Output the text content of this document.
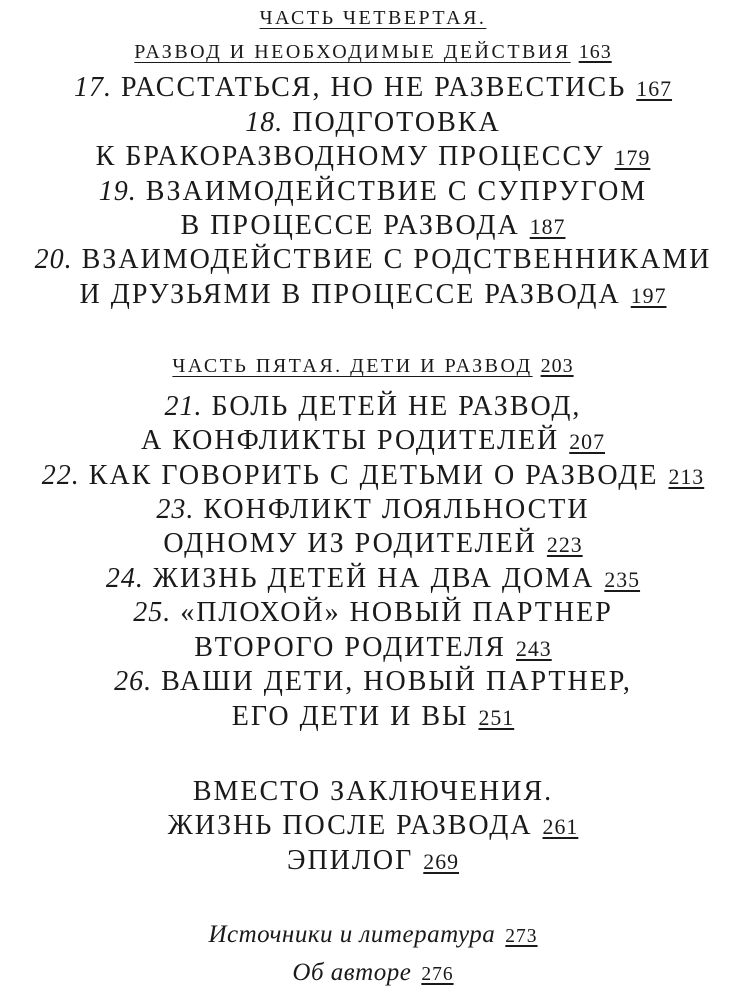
ЧАСТЬ ЧЕТВЕРТАЯ.
РАЗВОД И НЕОБХОДИМЫЕ ДЕЙСТВИЯ 163
17. РАССТАТЬСЯ, НО НЕ РАЗВЕСТИСЬ 167
18. ПОДГОТОВКА
К БРАКОРАЗВОДНОМУ ПРОЦЕССУ 179
19. ВЗАИМОДЕЙСТВИЕ С СУПРУГОМ
В ПРОЦЕССЕ РАЗВОДА 187
20. ВЗАИМОДЕЙСТВИЕ С РОДСТВЕННИКАМИ
И ДРУЗЬЯМИ В ПРОЦЕССЕ РАЗВОДА 197
ЧАСТЬ ПЯТАЯ. ДЕТИ И РАЗВОД 203
21. БОЛЬ ДЕТЕЙ НЕ РАЗВОД,
А КОНФЛИКТЫ РОДИТЕЛЕЙ 207
22. КАК ГОВОРИТЬ С ДЕТЬМИ О РАЗВОДЕ 213
23. КОНФЛИКТ ЛОЯЛЬНОСТИ
ОДНОМУ ИЗ РОДИТЕЛЕЙ 223
24. ЖИЗНЬ ДЕТЕЙ НА ДВА ДОМА 235
25. «ПЛОХОЙ» НОВЫЙ ПАРТНЕР
ВТОРОГО РОДИТЕЛЯ 243
26. ВАШИ ДЕТИ, НОВЫЙ ПАРТНЕР,
ЕГО ДЕТИ И ВЫ 251
ВМЕСТО ЗАКЛЮЧЕНИЯ.
ЖИЗНЬ ПОСЛЕ РАЗВОДА 261
ЭПИЛОГ 269
Источники и литература 273
Об авторе 276
